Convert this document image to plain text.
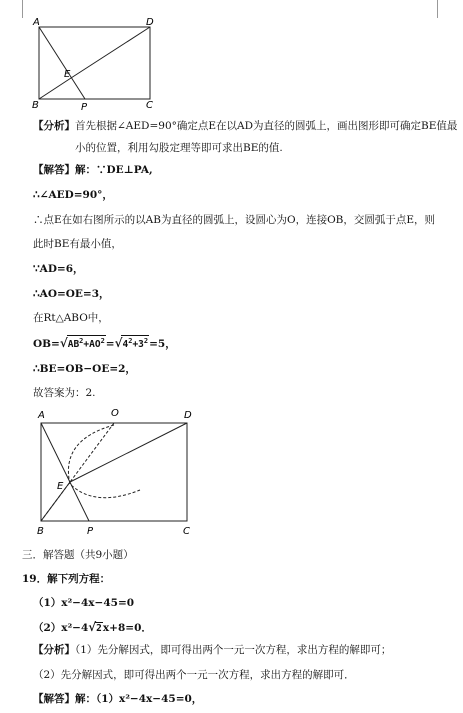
A	D
E
B	P	C
【分析】首先根据∠AED=90°确定点E在以AD为直径的圆弧上，画出图形即可确定BE值最小的位置，利用勾股定理等即可求出BE的值.
【解答】解：∵DE⊥PA,
∴∠AED=90°，
∴点E在如右图所示的以AB为直径的圆弧上，设圆心为O，连接OB，交圆弧于点E，则
此时BE有最小值，
∵AD=6，
∴AO=OE=3，
在Rt△ABO中，
$OB=√AB^2+AO^2=√4^2+3^2=5$，
∴BE=OB−OE=2，
故答案为：2.
A	O	D
E
B	P	C
三．解答题（共9小题）
19．解下列方程：
（1）x²−4x−45=0
（2）x²−4√2x+8=0．
【分析】（1）先分解因式，即可得出两个一元一次方程，求出方程的解即可；
（2）先分解因式，即可得出两个一元一次方程，求出方程的解即可．
【解答】解：（1）x²−4x−45=0，
